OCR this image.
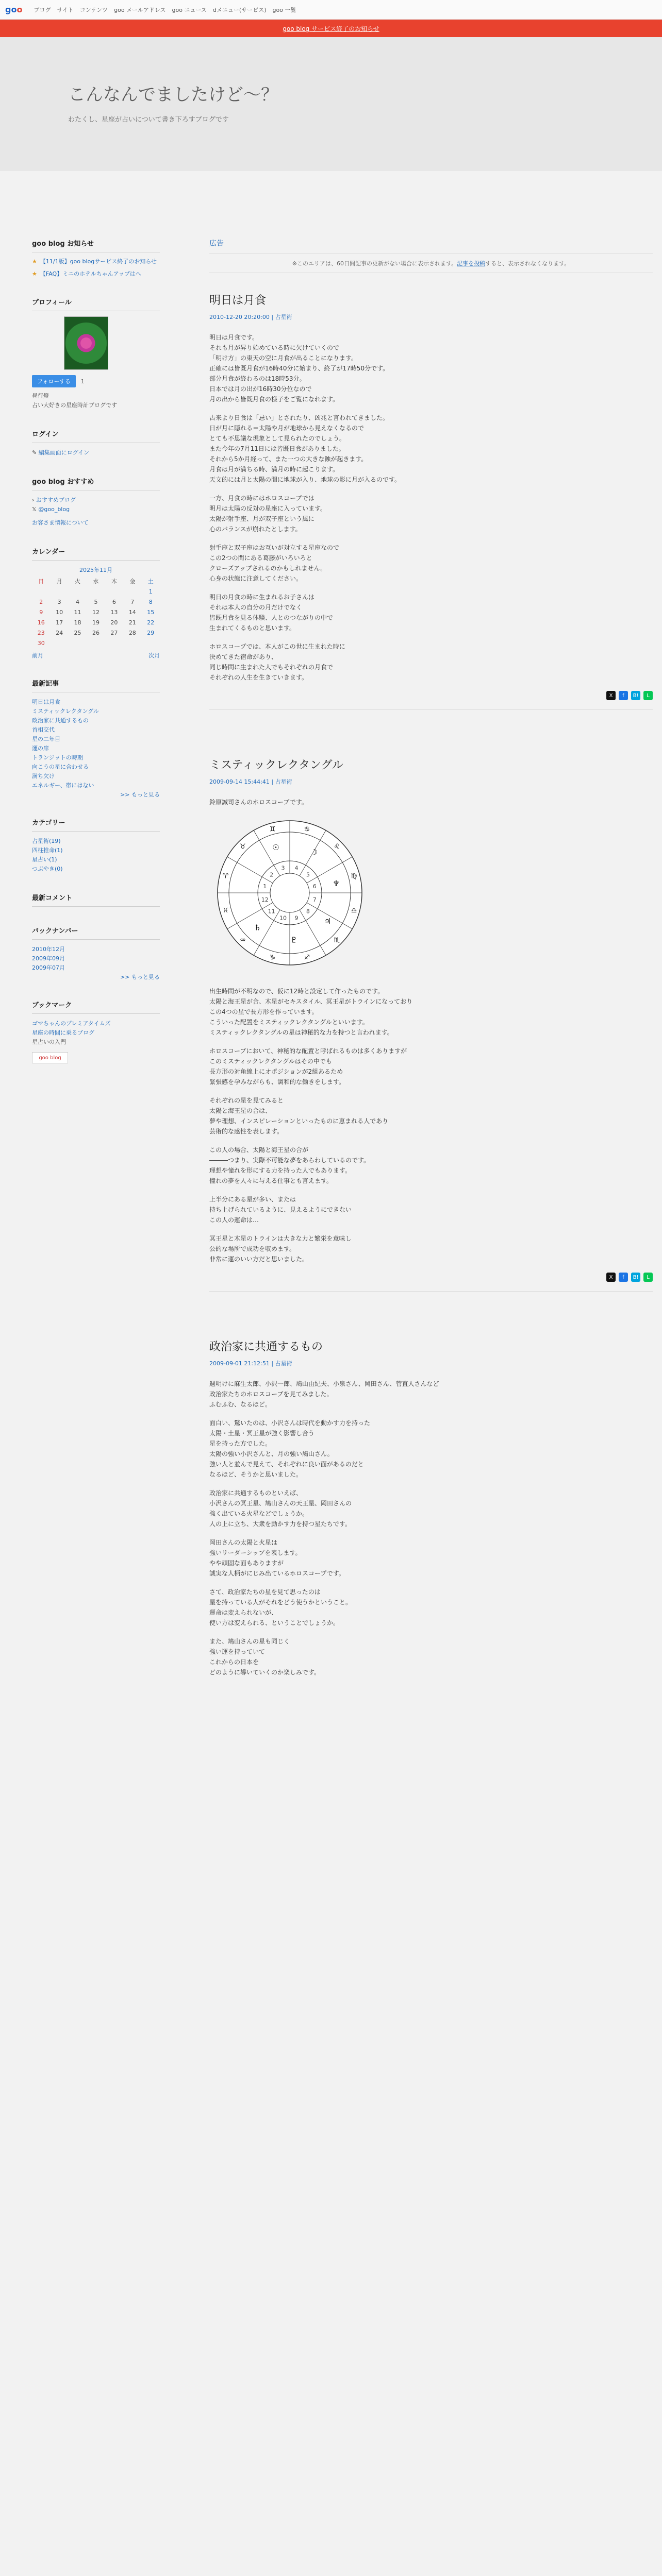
goo ブログ サイト コンテンツ goo メールアドレス goo ニュース dメニュー(サービス) goo 一覧
goo blog サービス終了のお知らせ
こんなんでましたけど～？
わたくし、星座が占いについて書き下ろすブログです
goo blog お知らせ
★ 【11/1版】goo blogサービス終了のお知らせ
★ 【FAQ】ミニのホテルちゃんアップはへ
プロフィール
フォローする 1
昼行燈
占い大好きの星座時計ブログです
ログイン
✎ 編集画面にログイン
goo blog おすすめ
› おすすめブログ
𝕏 @goo_blog
お客さま情報について
カレンダー
2025年11月
日	月	火	水	木	金	土
						1
2	3	4	5	6	7	8
9	10	11	12	13	14	15
16	17	18	19	20	21	22
23	24	25	26	27	28	29
30						
前月	次月
最新記事
明日は月食
ミスティックレクタングル
政治家に共通するもの
首相交代
星の二年目
運の扉
トランジットの時期
向こうの星に合わせる
満ち欠け
エネルギー、帯にはない
>> もっと見る
カテゴリー
占星術(19)
四柱推命(1)
星占い(1)
つぶやき(0)
最新コメント
バックナンバー
2010年12月
2009年09月
2009年07月
>> もっと見る
ブックマーク
ゴマちゃんのプレミアタイムズ
星座の時間に乗るブログ
星占いの入門
goo blog
広告
※このエリアは、60日間記事の更新がない場合に表示されます。記事を投稿すると、表示されなくなります。
明日は月食
2010-12-20 20:20:00 | 占星術

明日は月食です。
それも月が昇り始めている時に欠けていくので
「明け方」の東天の空に月食が出ることになります。
正確には皆既月食が16時40分に始まり、終了が17時50分です。
部分月食が終わるのは18時53分。
日本では月の出が16時30分位なので
月の出から皆既月食の様子をご覧になれます。

古来より日食は「忌い」とされたり、凶兆と言われてきました。
日が月に隠れる＝太陽や月が地球から見えなくなるので
とても不思議な現象として見られたのでしょう。
また今年の7月11日には皆既日食がありました。
それから5か月経って、また一つの大きな蝕が起きます。
月食は月が満ちる時、満月の時に起こります。
天文的には月と太陽の間に地球が入り、地球の影に月が入るのです。

一方、月食の時にはホロスコープでは
明月は太陽の反対の星座に入っています。
太陽が射手座、月が双子座という風に
心のバランスが崩れたとします。

射手座と双子座はお互いが対立する星座なので
この2つの間にある葛藤がいろいろと
クローズアップされるのかもしれません。
心身の状態に注意してください。

明日の月食の時に生まれるお子さんは
それは本人の自分の月だけでなく
皆既月食を見る体験、人とのつながりの中で
生まれてくるものと思います。

ホロスコープでは、本人がこの世に生まれた時に
決めてきた宿命があり、
同じ時間に生まれた人でもそれぞれの月食で
それぞれの人生を生きていきます。

X	f	B!	L
ミスティックレクタングル
2009-09-14 15:44:41 | 占星術

鈴原誠司さんのホロスコープです。

♈
♉
♊	♋
♌
♍
♎
♏
♐
♑
♒
♓
1
2
3 4
5
6
7
8
9
10
11
12
☉	☽
♆
♃
♇
♄

出生時間が不明なので、仮に12時と設定して作ったものです。
太陽と海王星が合、木星がセキスタイル、冥王星がトラインになっており
この4つの星で長方形を作っています。
こういった配置をミスティックレクタングルといいます。
ミスティックレクタングルの星は神秘的な力を持つと言われます。

ホロスコープにおいて、神秘的な配置と呼ばれるものは多くありますが
このミスティックレクタングルはその中でも
長方形の対角線上にオポジションが2組あるため
緊張感を孕みながらも、調和的な働きをします。

それぞれの星を見てみると
太陽と海王星の合は、
夢や理想、インスピレーションといったものに恵まれる人であり
芸術的な感性を表します。

この人の場合、太陽と海王星の合が
―――つまり、実際不可能な夢をあらわしているのです。
理想や憧れを形にする力を持った人でもあります。
憧れの夢を人々に与える仕事とも言えます。

上半分にある星が多い、または
持ち上げられているように、見えるようにできない
この人の運命は…

冥王星と木星のトラインは大きな力と繁栄を意味し
公的な場所で成功を収めます。
非常に運のいい方だと思いました。

X	f	B!	L
政治家に共通するもの
2009-09-01 21:12:51 | 占星術

週明けに麻生太郎、小沢一郎、鳩山由紀夫、小泉さん、岡田さん、菅直人さんなど
政治家たちのホロスコープを見てみました。
ふむふむ、なるほど。

面白い、驚いたのは、小沢さんは時代を動かす力を持った
太陽・土星・冥王星が強く影響し合う
星を持った方でした。
太陽の強い小沢さんと、月の強い鳩山さん。
強い人と並んで見えて、それぞれに良い面があるのだと
なるほど、そうかと思いました。

政治家に共通するものといえば、
小沢さんの冥王星、鳩山さんの天王星、岡田さんの
強く出ている火星などでしょうか。
人の上に立ち、大衆を動かす力を持つ星たちです。

岡田さんの太陽と火星は
強いリーダーシップを表します。
やや頑固な面もありますが
誠実な人柄がにじみ出ているホロスコープです。

さて、政治家たちの星を見て思ったのは
星を持っている人がそれをどう使うかということ。
運命は変えられないが、
使い方は変えられる、ということでしょうか。

また、鳩山さんの星も同じく
強い運を持っていて
これからの日本を
どのように導いていくのか楽しみです。
